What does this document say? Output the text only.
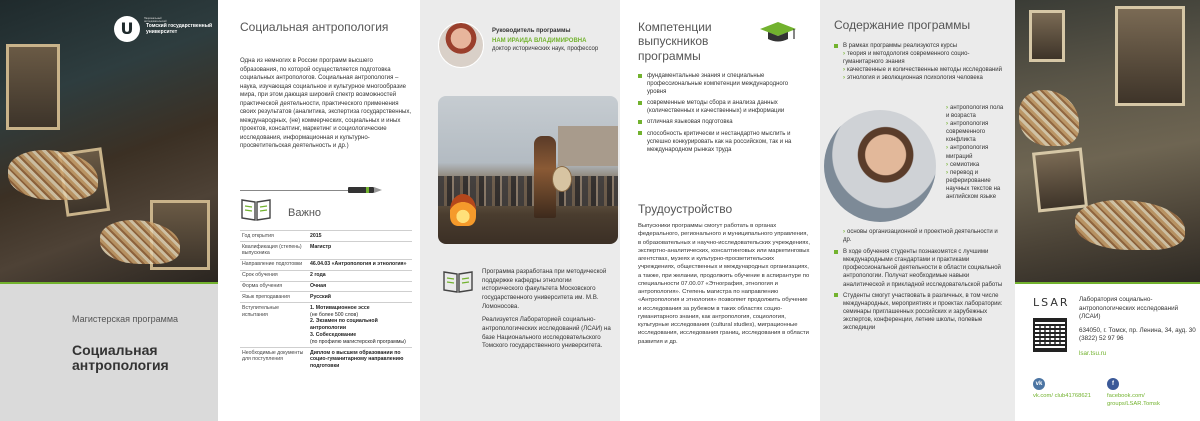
U
Национальный исследовательский
Томский государственный университет
Магистерская программа
Социальная антропология
Социальная антропология
Одна из немногих в России программ высшего образования, по которой осуществляется подготовка социальных антропологов. Социальная антропология – наука, изучающая социальное и культурное многообразие мира, при этом дающая широкий спектр возможностей практической деятельности, практического применения своих результатов (аналитика, экспертиза государственных, международных, (не) коммерческих, социальных и иных проектов, консалтинг, маркетинг и социологические исследования, информационная и культурно-просветительская деятельность и др.)
Важно
Год открытия	2015
Квалификация (степень) выпускника	Магистр
Направление подготовки	46.04.03 «Антропология и этнология»
Срок обучения	2 года
Форма обучения	Очная
Язык преподавания	Русский
Вступительные испытания	1. Мотивационное эссе
(не более 500 слов)
2. Экзамен по социальной антропологии
3. Собеседование
(по профилю магистерской программы)

Необходимые документы для поступления	Диплом о высшем образовании по социо-гуманитарному направлению подготовки
Руководитель программы
НАМ ИРАИДА ВЛАДИМИРОВНА
доктор исторических наук, профессор
Программа разработана при методической поддержке кафедры этнологии исторического факультета Московского государственного университета им. М.В. Ломоносова.
Реализуется Лабораторией социально-антропологических исследований (ЛСАИ) на базе Национального исследовательского Томского государственного университета.
Компетенции выпускников программы
фундаментальные знания и специальные профессиональные компетенции международного уровня
современные методы сбора и анализа данных (количественных и качественных) и информации
отличная языковая подготовка
способность критически и нестандартно мыслить и успешно конкурировать как на российском, так и на международном рынках труда
Трудоустройство
Выпускники программы смогут работать в органах федерального, регионального и муниципального управления, в образовательных и научно-исследовательских учреждениях, экспертно-аналитических, консалтинговых или маркетинговых агентствах, музеях и культурно-просветительских учреждениях, общественных и международных организациях, а также, при желании, продолжить обучение в аспирантуре по специальности 07.00.07 «Этнография, этнология и антропология». Степень магистра по направлению «Антропология и этнология» позволяет продолжить обучение и исследования за рубежом в таких областях социо-гуманитарного знания, как антропология, социология, культурные исследования (cultural studies), миграционные исследования, исследования границ, исследования в области развития и др.
Содержание программы
В рамках программы реализуются курсы
› теория и методология современного социо-гуманитарного знания
› качественные и количественные методы исследований
› этнология и эволюционная психология человека
› антропология пола и возраста
› антропология современного конфликта
› антропология миграций
› семиотика
› перевод и реферирование научных текстов на английском языке
› основы организационной и проектной деятельности и др.
В ходе обучения студенты познакомятся с лучшими международными стандартами и практиками профессиональной деятельности в области социальной антропологии. Получат необходимые навыки аналитической и прикладной исследовательской работы
Студенты смогут участвовать в различных, в том числе международных, мероприятиях и проектах лаборатории: семинары приглашенных российских и зарубежных экспертов, конференции, летние школы, полевые экспедиции
LSAR Лаборатория социально-антропологических исследований (ЛСАИ)
634050, г. Томск, пр. Ленина, 34, ауд. 30
(3822) 52 97 96
lsar.tsu.ru
vk
vk.com/ club41768621
f
facebook.com/ groups/LSAR.Tomsk
